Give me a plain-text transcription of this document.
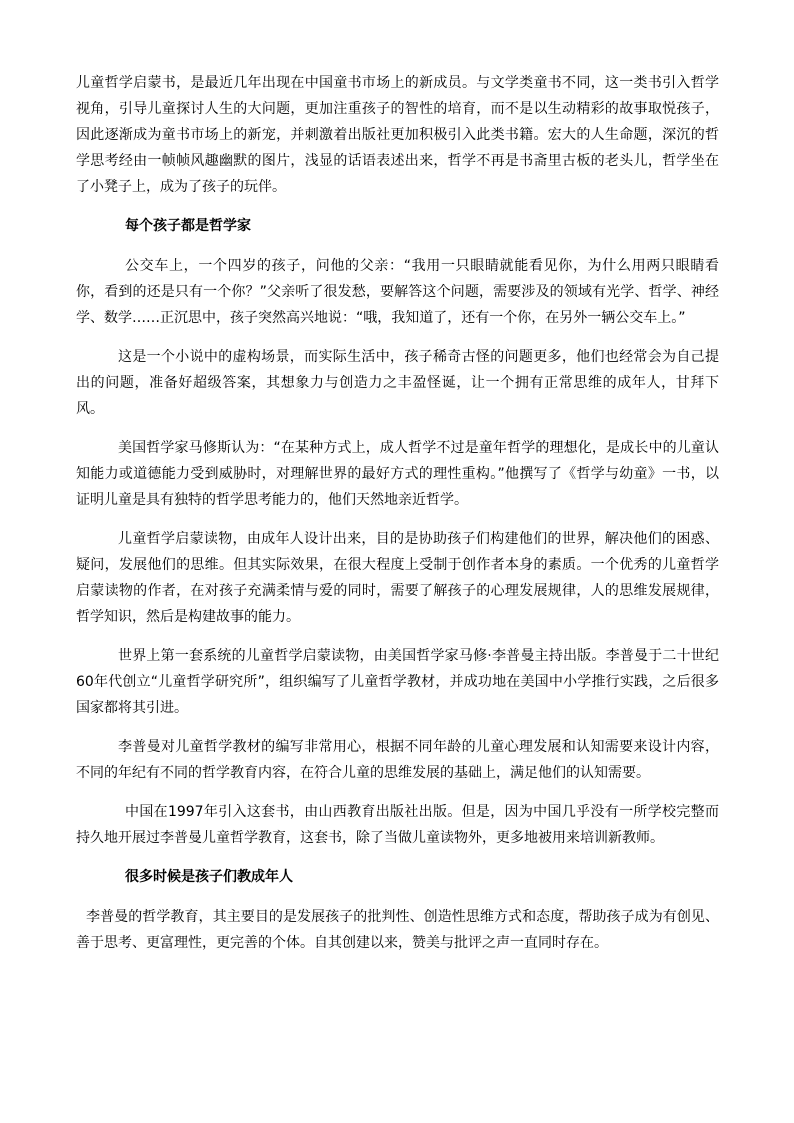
儿童哲学启蒙书，是最近几年出现在中国童书市场上的新成员。与文学类童书不同，这一类书引入哲学视角，引导儿童探讨人生的大问题，更加注重孩子的智性的培育，而不是以生动精彩的故事取悦孩子，因此逐渐成为童书市场上的新宠，并刺激着出版社更加积极引入此类书籍。宏大的人生命题，深沉的哲学思考经由一帧帧风趣幽默的图片，浅显的话语表述出来，哲学不再是书斋里古板的老头儿，哲学坐在了小凳子上，成为了孩子的玩伴。

每个孩子都是哲学家

公交车上，一个四岁的孩子，问他的父亲：“我用一只眼睛就能看见你，为什么用两只眼睛看你，看到的还是只有一个你？”父亲听了很发愁，要解答这个问题，需要涉及的领域有光学、哲学、神经学、数学……正沉思中，孩子突然高兴地说：“哦，我知道了，还有一个你，在另外一辆公交车上。”

这是一个小说中的虚构场景，而实际生活中，孩子稀奇古怪的问题更多，他们也经常会为自己提出的问题，准备好超级答案，其想象力与创造力之丰盈怪诞，让一个拥有正常思维的成年人，甘拜下风。

美国哲学家马修斯认为：“在某种方式上，成人哲学不过是童年哲学的理想化，是成长中的儿童认知能力或道德能力受到威胁时，对理解世界的最好方式的理性重构。”他撰写了《哲学与幼童》一书，以证明儿童是具有独特的哲学思考能力的，他们天然地亲近哲学。

儿童哲学启蒙读物，由成年人设计出来，目的是协助孩子们构建他们的世界，解决他们的困惑、疑问，发展他们的思维。但其实际效果，在很大程度上受制于创作者本身的素质。一个优秀的儿童哲学启蒙读物的作者，在对孩子充满柔情与爱的同时，需要了解孩子的心理发展规律，人的思维发展规律，哲学知识，然后是构建故事的能力。

世界上第一套系统的儿童哲学启蒙读物，由美国哲学家马修·李普曼主持出版。李普曼于二十世纪60年代创立“儿童哲学研究所”，组织编写了儿童哲学教材，并成功地在美国中小学推行实践，之后很多国家都将其引进。

李普曼对儿童哲学教材的编写非常用心，根据不同年龄的儿童心理发展和认知需要来设计内容，不同的年纪有不同的哲学教育内容，在符合儿童的思维发展的基础上，满足他们的认知需要。

中国在1997年引入这套书，由山西教育出版社出版。但是，因为中国几乎没有一所学校完整而持久地开展过李普曼儿童哲学教育，这套书，除了当做儿童读物外，更多地被用来培训新教师。

很多时候是孩子们教成年人

李普曼的哲学教育，其主要目的是发展孩子的批判性、创造性思维方式和态度，帮助孩子成为有创见、善于思考、更富理性，更完善的个体。自其创建以来，赞美与批评之声一直同时存在。
